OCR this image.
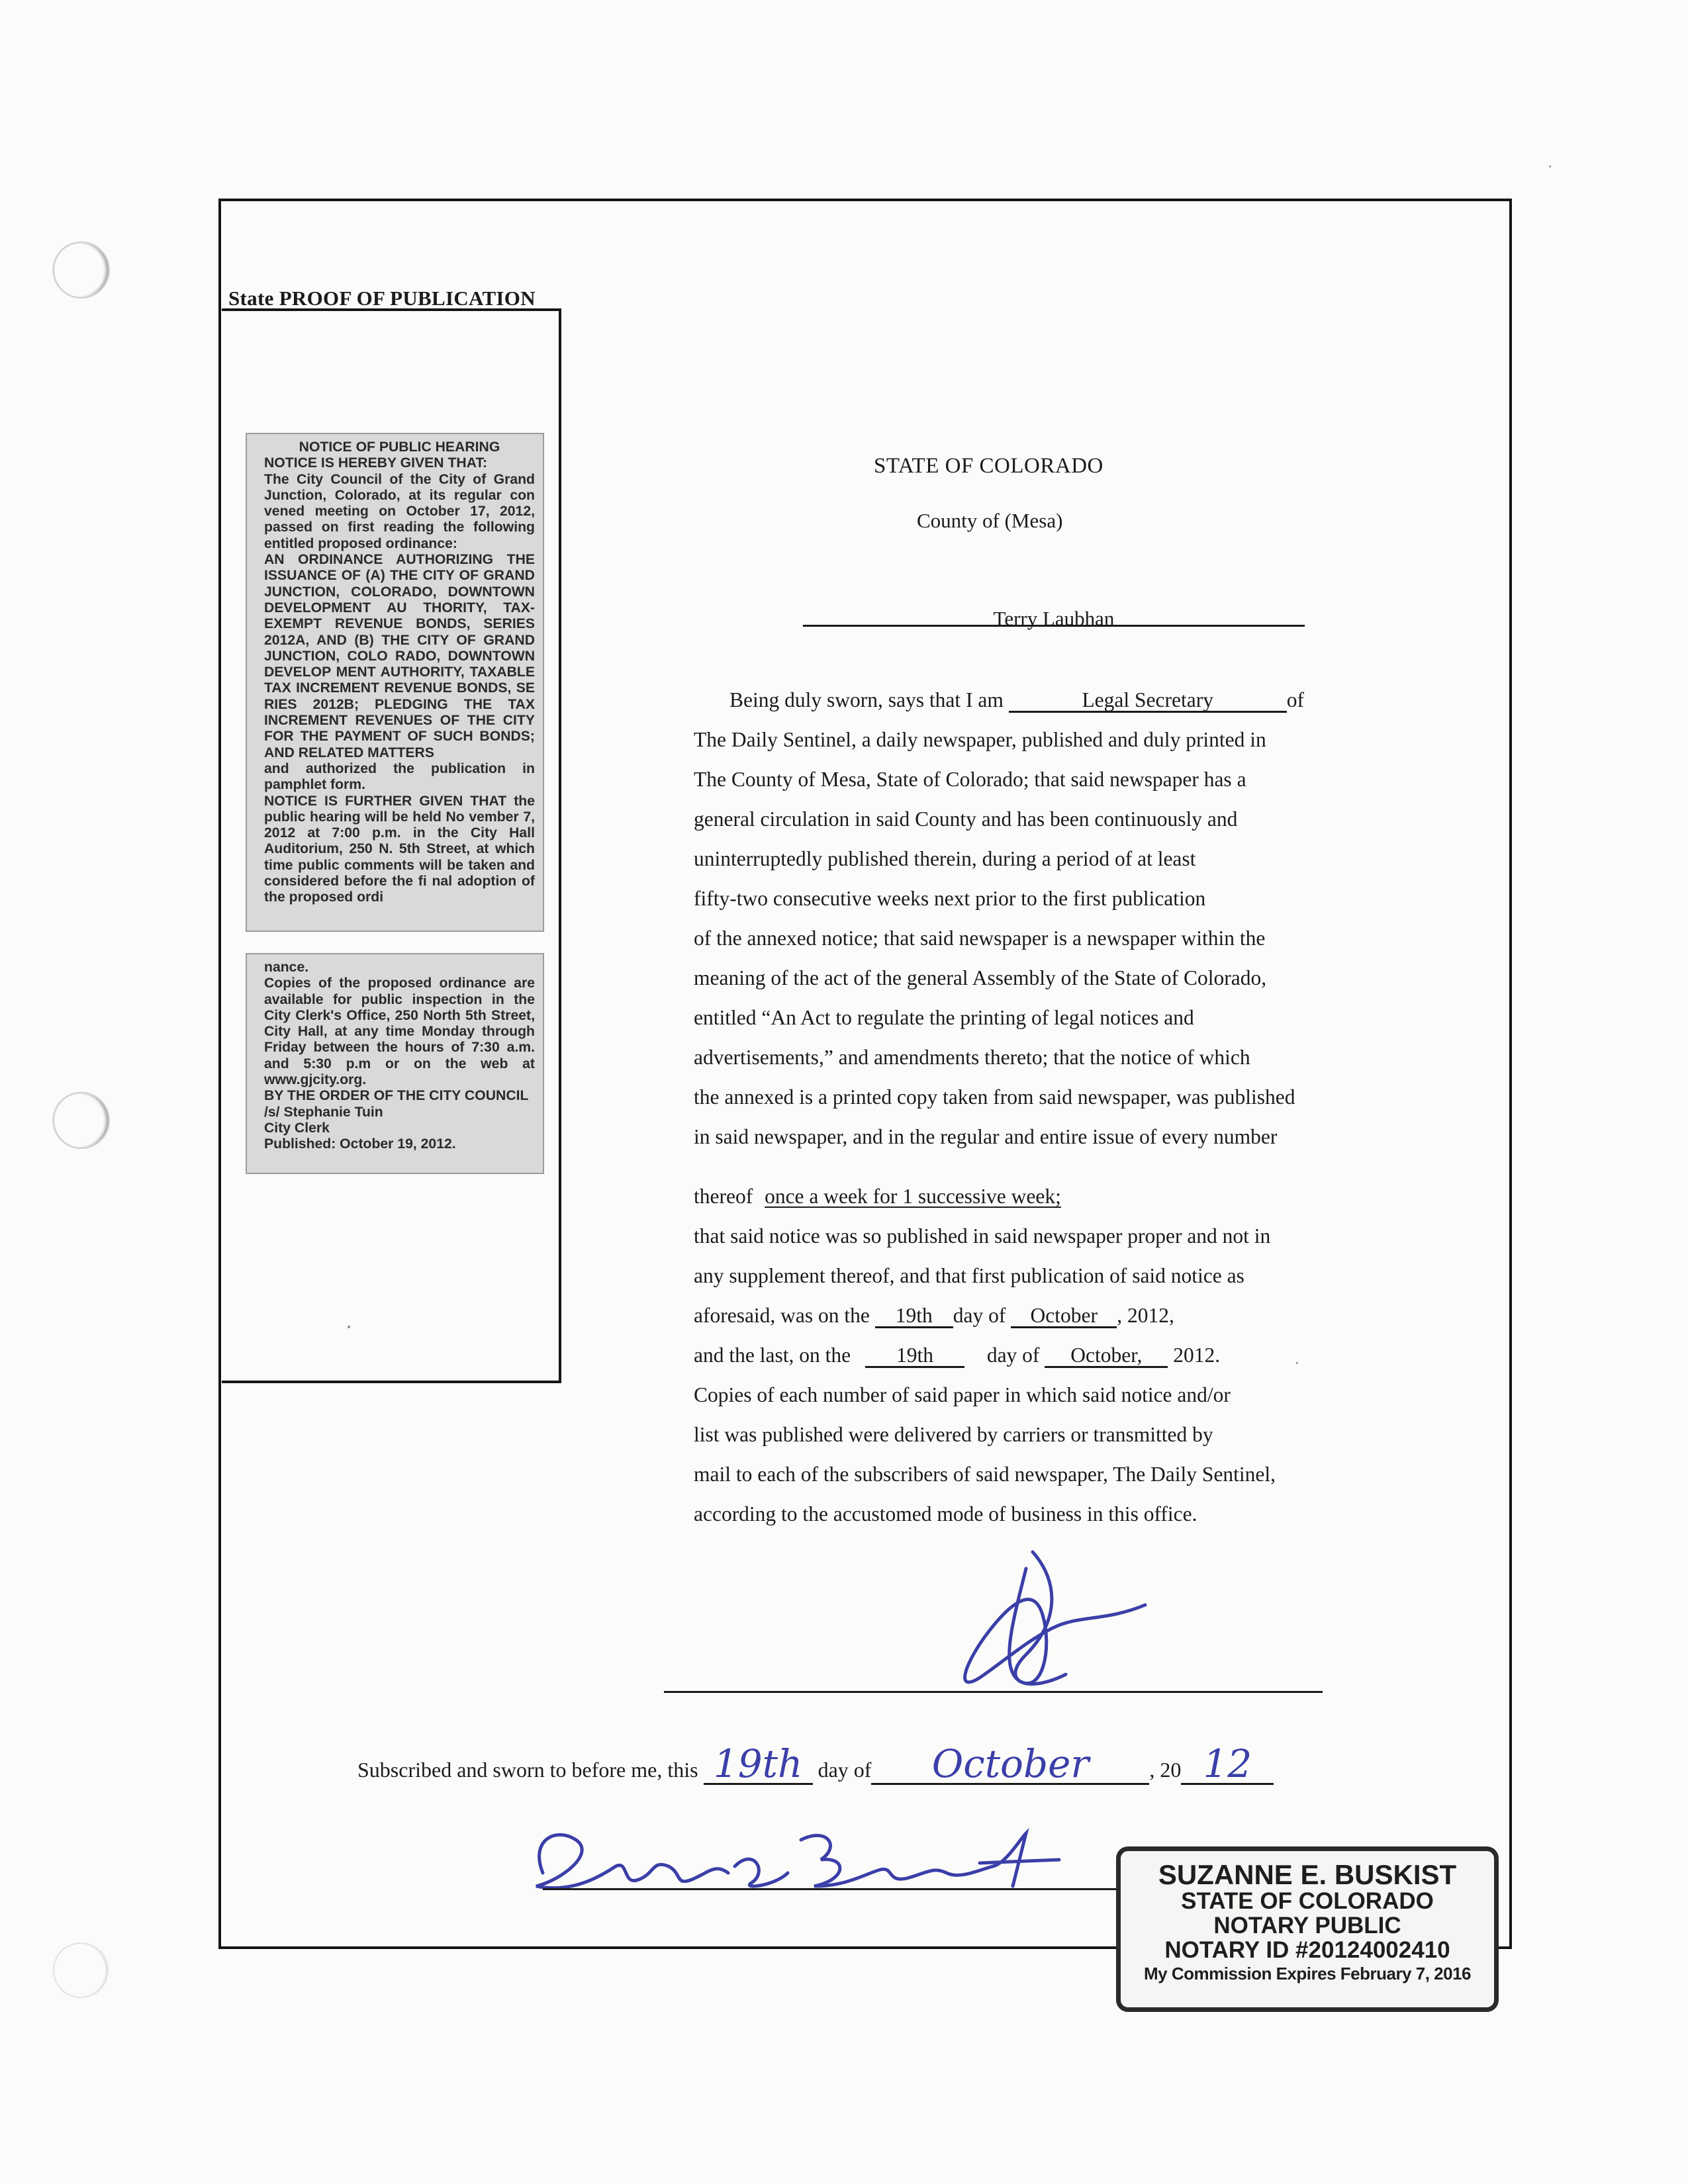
State PROOF OF PUBLICATION

NOTICE OF PUBLIC HEARING

NOTICE IS HEREBY GIVEN THAT:

The City Council of the City of Grand Junction, Colorado, at its regular con vened meeting on October 17, 2012, passed on first reading the following entitled proposed ordinance:

AN ORDINANCE AUTHORIZING THE ISSUANCE OF (A) THE CITY OF GRAND JUNCTION, COLORADO, DOWNTOWN DEVELOPMENT AU THORITY, TAX-EXEMPT REVENUE BONDS, SERIES 2012A, AND (B) THE CITY OF GRAND JUNCTION, COLO RADO, DOWNTOWN DEVELOP MENT AUTHORITY, TAXABLE TAX INCREMENT REVENUE BONDS, SE RIES 2012B; PLEDGING THE TAX INCREMENT REVENUES OF THE CITY FOR THE PAYMENT OF SUCH BONDS; AND RELATED MATTERS

and authorized the publication in pamphlet form.

NOTICE IS FURTHER GIVEN THAT the public hearing will be held No vember 7, 2012 at 7:00 p.m. in the City Hall Auditorium, 250 N. 5th Street, at which time public comments will be taken and considered before the fi nal adoption of the proposed ordi

nance.

Copies of the proposed ordinance are available for public inspection in the City Clerk's Office, 250 North 5th Street, City Hall, at any time Monday through Friday between the hours of 7:30 a.m. and 5:30 p.m or on the web at www.gjcity.org.

BY THE ORDER OF THE CITY COUNCIL

/s/ Stephanie Tuin

City Clerk

Published: October 19, 2012.

STATE OF COLORADO
County of (Mesa)
Terry Laubhan
Being duly sworn, says that I am	Legal Secretary	of
The Daily Sentinel, a daily newspaper, published and duly printed in
The County of Mesa, State of Colorado; that said newspaper has a
general circulation in said County and has been continuously and
uninterruptedly published therein, during a period of at least
fifty-two consecutive weeks next prior to the first publication
of the annexed notice; that said newspaper is a newspaper within the
meaning of the act of the general Assembly of the State of Colorado,
entitled “An Act to regulate the printing of legal notices and
advertisements,” and amendments thereto; that the notice of which
the annexed is a printed copy taken from said newspaper, was published
in said newspaper, and in the regular and entire issue of every number
thereof once a week for 1 successive week;
that said notice was so published in said newspaper proper and not in
any supplement thereof, and that first publication of said notice as
aforesaid, was on the 19th day of October , 2012,
and the last, on the 19th	day of October, 2012.
Copies of each number of said paper in which said notice and/or
list was published were delivered by carriers or transmitted by
mail to each of the subscribers of said newspaper, The Daily Sentinel,
according to the accustomed mode of business in this office.
Subscribed and sworn to before me, this 19th day of October	, 20 12
SUZANNE E. BUSKIST
STATE OF COLORADO
NOTARY PUBLIC
NOTARY ID #20124002410
My Commission Expires February 7, 2016
